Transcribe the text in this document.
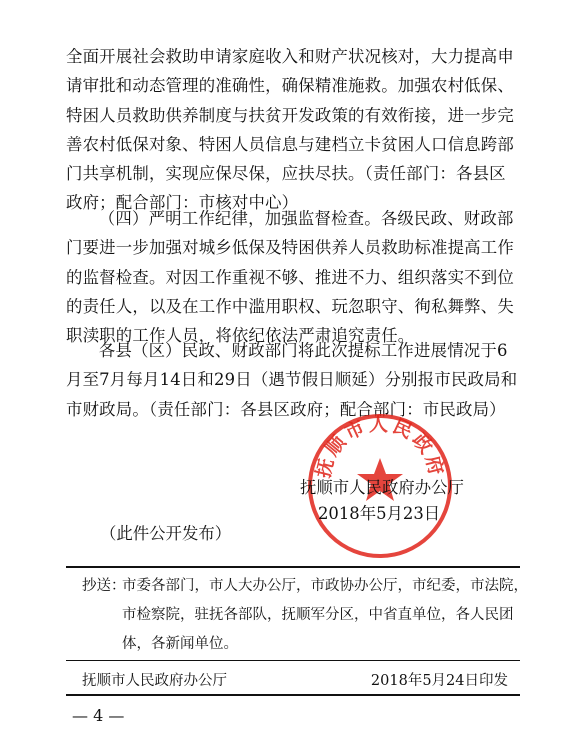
全面开展社会救助申请家庭收入和财产状况核对，大力提高申请审批和动态管理的准确性，确保精准施救。加强农村低保、特困人员救助供养制度与扶贫开发政策的有效衔接，进一步完善农村低保对象、特困人员信息与建档立卡贫困人口信息跨部门共享机制，实现应保尽保，应扶尽扶。（责任部门：各县区政府；配合部门：市核对中心）

（四）严明工作纪律，加强监督检查。各级民政、财政部门要进一步加强对城乡低保及特困供养人员救助标准提高工作的监督检查。对因工作重视不够、推进不力、组织落实不到位的责任人，以及在工作中滥用职权、玩忽职守、徇私舞弊、失职渎职的工作人员，将依纪依法严肃追究责任。

各县（区）民政、财政部门将此次提标工作进展情况于6月至7月每月14日和29日（遇节假日顺延）分别报市民政局和市财政局。（责任部门：各县区政府；配合部门：市民政局）

抚顺市人民政府
抚顺市人民政府办公厅
2018年5月23日
（此件公开发布）
抄送：
市委各部门，市人大办公厅，市政协办公厅，市纪委，市法院，
市检察院，驻抚各部队，抚顺军分区，中省直单位，各人民团
体，各新闻单位。
抚顺市人民政府办公厅	2018年5月24日印发
— 4 —
